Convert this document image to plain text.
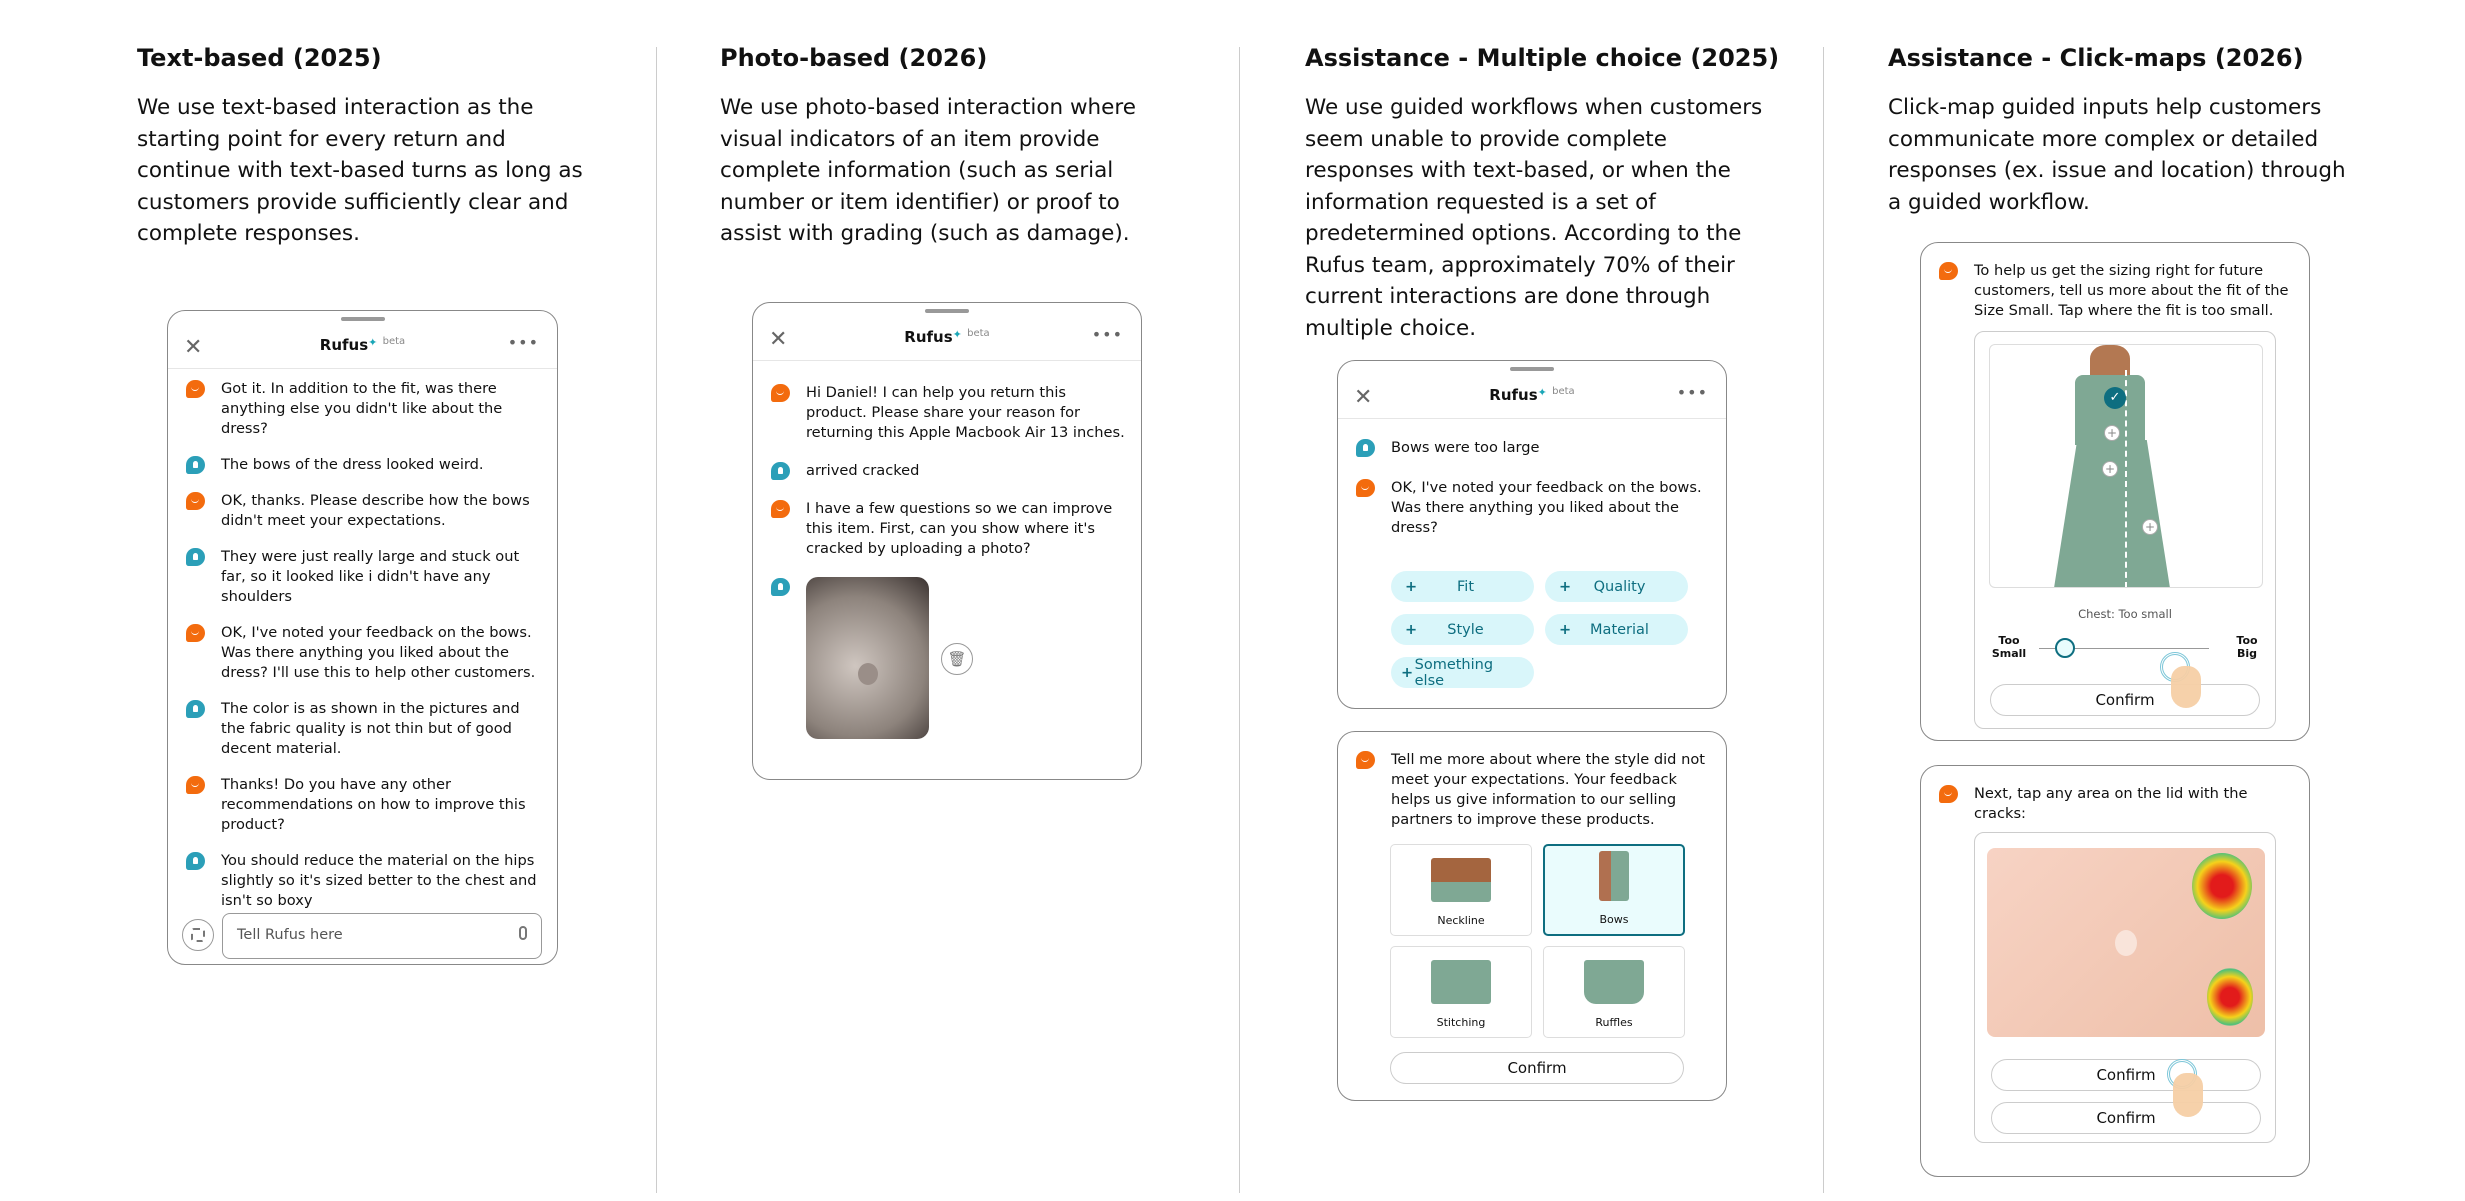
Text-based (2025)
We use text-based interaction as the starting point for every return and continue with text-based turns as long as customers provide sufficiently clear and complete responses.
Photo-based (2026)
We use photo-based interaction where visual indicators of an item provide complete information (such as serial number or item identifier) or proof to assist with grading (such as damage).
Assistance - Multiple choice (2025)
We use guided workflows when customers seem unable to provide complete responses with text-based, or when the information requested is a set of predetermined options. According to the Rufus team, approximately 70% of their current interactions are done through multiple choice.
Assistance - Click-maps (2026)
Click-map guided inputs help customers communicate more complex or detailed responses (ex. issue and location) through a guided workflow.
✕	Rufus✦ $^{beta}$	•••
Got it. In addition to the fit, was there anything else you didn't like about the dress?
The bows of the dress looked weird.
OK, thanks. Please describe how the bows didn't meet your expectations.
They were just really large and stuck out far, so it looked like i didn't have any shoulders
OK, I've noted your feedback on the bows. Was there anything you liked about the dress? I'll use this to help other customers.
The color is as shown in the pictures and the fabric quality is not thin but of good decent material.
Thanks! Do you have any other recommendations on how to improve this product?
You should reduce the material on the hips slightly so it's sized better to the chest and isn't so boxy
Tell Rufus here
✕	Rufus✦ $^{beta}$	•••
Hi Daniel! I can help you return this product. Please share your reason for returning this Apple Macbook Air 13 inches.
arrived cracked
I have a few questions so we can improve this item. First, can you show where it's cracked by uploading a photo?
🗑
✕	Rufus✦ $^{beta}$	•••
Bows were too large
OK, I've noted your feedback on the bows. Was there anything you liked about the dress?
+	Fit	+	Quality
+	Style	+	Material
+ Something else
Tell me more about where the style did not meet your expectations. Your feedback helps us give information to our selling partners to improve these products.
Neckline	Bows
Stitching	Ruffles
Confirm
To help us get the sizing right for future customers, tell us more about the fit of the Size Small. Tap where the fit is too small.
✓
+
+
+
Chest: Too small
Too Small
Too Big
Confirm
Next, tap any area on the lid with the cracks:
Confirm
Confirm
